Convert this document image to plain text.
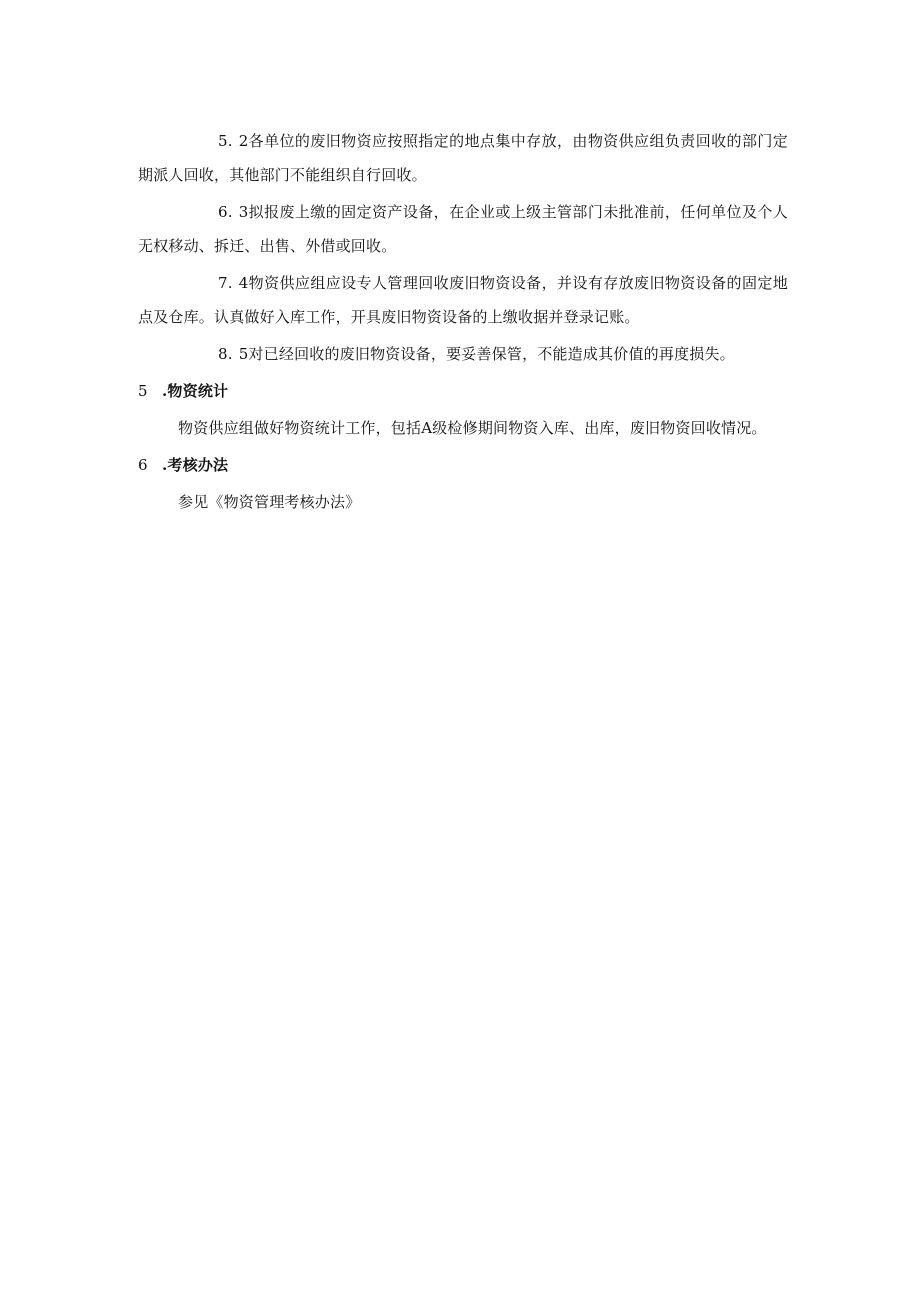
5. 2各单位的废旧物资应按照指定的地点集中存放，由物资供应组负责回收的部门定期派人回收，其他部门不能组织自行回收。

6. 3拟报废上缴的固定资产设备，在企业或上级主管部门未批准前，任何单位及个人无权移动、拆迁、出售、外借或回收。

7. 4物资供应组应设专人管理回收废旧物资设备，并设有存放废旧物资设备的固定地点及仓库。认真做好入库工作，开具废旧物资设备的上缴收据并登录记账。

8. 5对已经回收的废旧物资设备，要妥善保管，不能造成其价值的再度损失。

5 .物资统计

物资供应组做好物资统计工作，包括A级检修期间物资入库、出库，废旧物资回收情况。

6 .考核办法

参见《物资管理考核办法》
